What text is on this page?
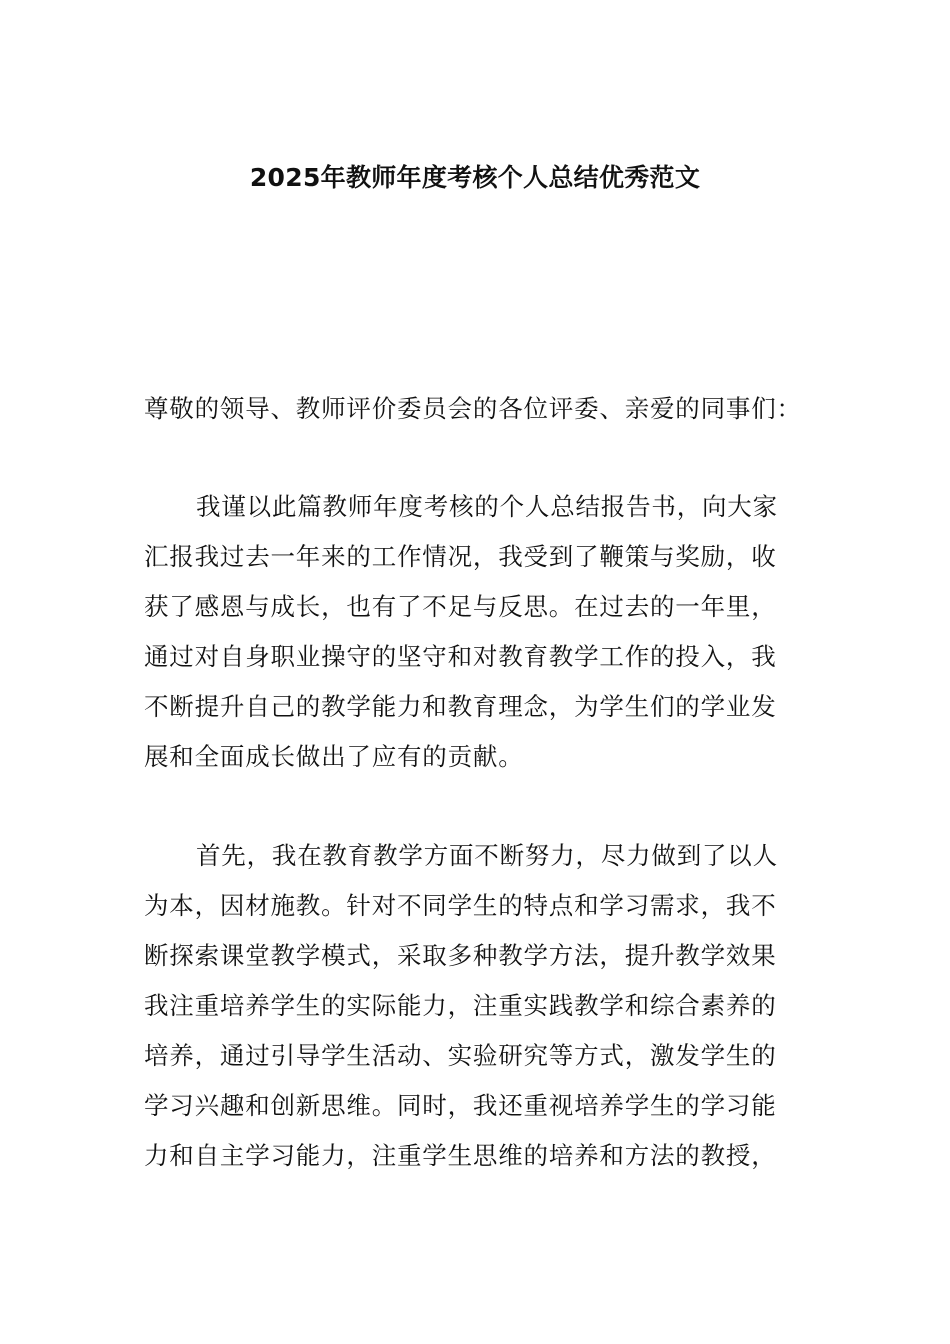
2025年教师年度考核个人总结优秀范文
尊敬的领导、教师评价委员会的各位评委、亲爱的同事们：
我谨以此篇教师年度考核的个人总结报告书，向大家
汇报我过去一年来的工作情况，我受到了鞭策与奖励，收
获了感恩与成长，也有了不足与反思。在过去的一年里，
通过对自身职业操守的坚守和对教育教学工作的投入，我
不断提升自己的教学能力和教育理念，为学生们的学业发
展和全面成长做出了应有的贡献。
首先，我在教育教学方面不断努力，尽力做到了以人
为本，因材施教。针对不同学生的特点和学习需求，我不
断探索课堂教学模式，采取多种教学方法，提升教学效果
我注重培养学生的实际能力，注重实践教学和综合素养的
培养，通过引导学生活动、实验研究等方式，激发学生的
学习兴趣和创新思维。同时，我还重视培养学生的学习能
力和自主学习能力，注重学生思维的培养和方法的教授，
